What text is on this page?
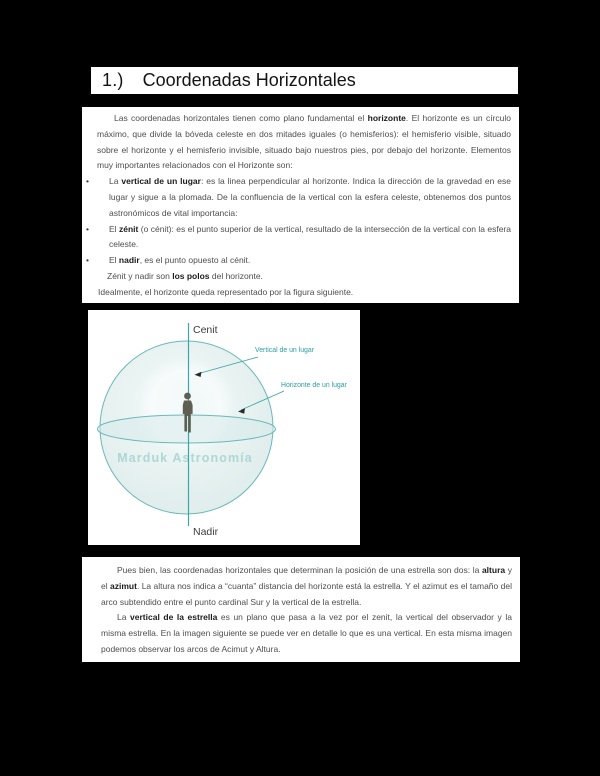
1.) Coordenadas Horizontales

Las coordenadas horizontales tienen como plano fundamental el horizonte. El horizonte es un círculo máximo, que divide la bóveda celeste en dos mitades iguales (o hemisferios): el hemisferio visible, situado sobre el horizonte y el hemisferio invisible, situado bajo nuestros pies, por debajo del horizonte. Elementos muy importantes relacionados con el Horizonte son:

•	La vertical de un lugar: es la linea perpendicular al horizonte. Indica la dirección de la gravedad en ese lugar y sigue a la plomada. De la confluencia de la vertical con la esfera celeste, obtenemos dos puntos astronómicos de vital importancia:
•	El zénit (o cénit): es el punto superior de la vertical, resultado de la intersección de la vertical con la esfera celeste.
•	El nadir, es el punto opuesto al cénit.
Zénit y nadir son los polos del horizonte.
Idealmente, el horizonte queda representado por la figura siguiente.
Marduk Astronomía
Cenit
Nadir
Vertical de un lugar
Horizonte de un lugar

Pues bien, las coordenadas horizontales que determinan la posición de una estrella son dos: la altura y el azimut. La altura nos indica a “cuanta” distancia del horizonte está la estrella. Y el azimut es el tamaño del arco subtendido entre el punto cardinal Sur y la vertical de la estrella.

La vertical de la estrella es un plano que pasa a la vez por el zenit, la vertical del observador y la misma estrella. En la imagen siguiente se puede ver en detalle lo que es una vertical. En esta misma imagen podemos observar los arcos de Acimut y Altura.
